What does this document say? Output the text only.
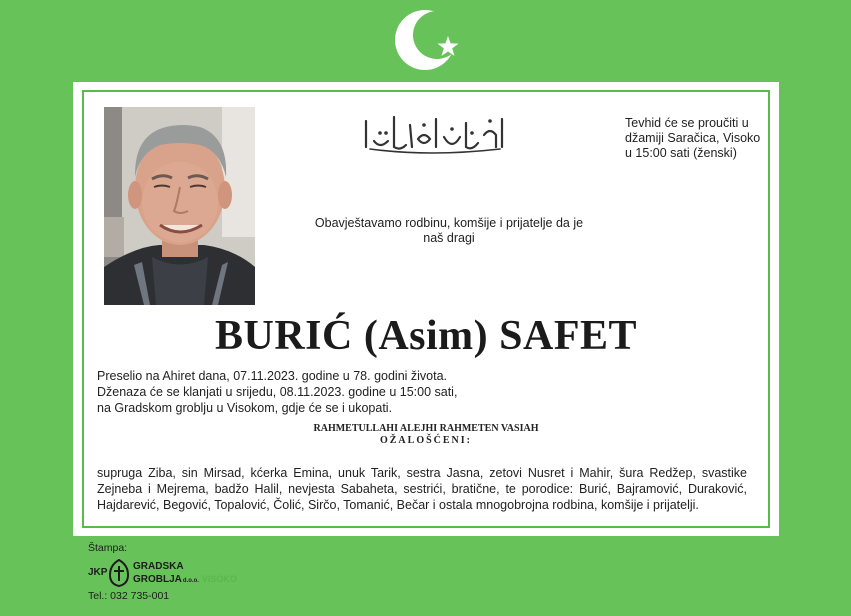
Tevhid će se proučiti u
džamiji Saračica, Visoko
u 15:00 sati (ženski)
Obavještavamo rodbinu, komšije i prijatelje da je
naš dragi
BURIĆ (Asim) SAFET
Preselio na Ahiret dana, 07.11.2023. godine u 78. godini života.
Dženaza će se klanjati u srijedu, 08.11.2023. godine u 15:00 sati,
na Gradskom groblju u Visokom, gdje će se i ukopati.
RAHMETULLAHI ALEJHI RAHMETEN VASIAH
OŽALOŠĆENI:
supruga Ziba, sin Mirsad, kćerka Emina, unuk Tarik, sestra Jasna, zetovi Nusret i Mahir, šura Redžep, svastike Zejneba i Mejrema, badžo Halil, nevjesta Sabaheta, sestrići, bratične, te porodice: Burić, Bajramović, Duraković, Hajdarević, Begović, Topalović, Čolić, Sirčo, Tomanić, Bečar i ostala mnogobrojna rodbina, komšije i prijatelji.
Štampa:
JKP
GRADSKA
GROBLJAd.o.o. VISOKO
Tel.: 032 735-001
